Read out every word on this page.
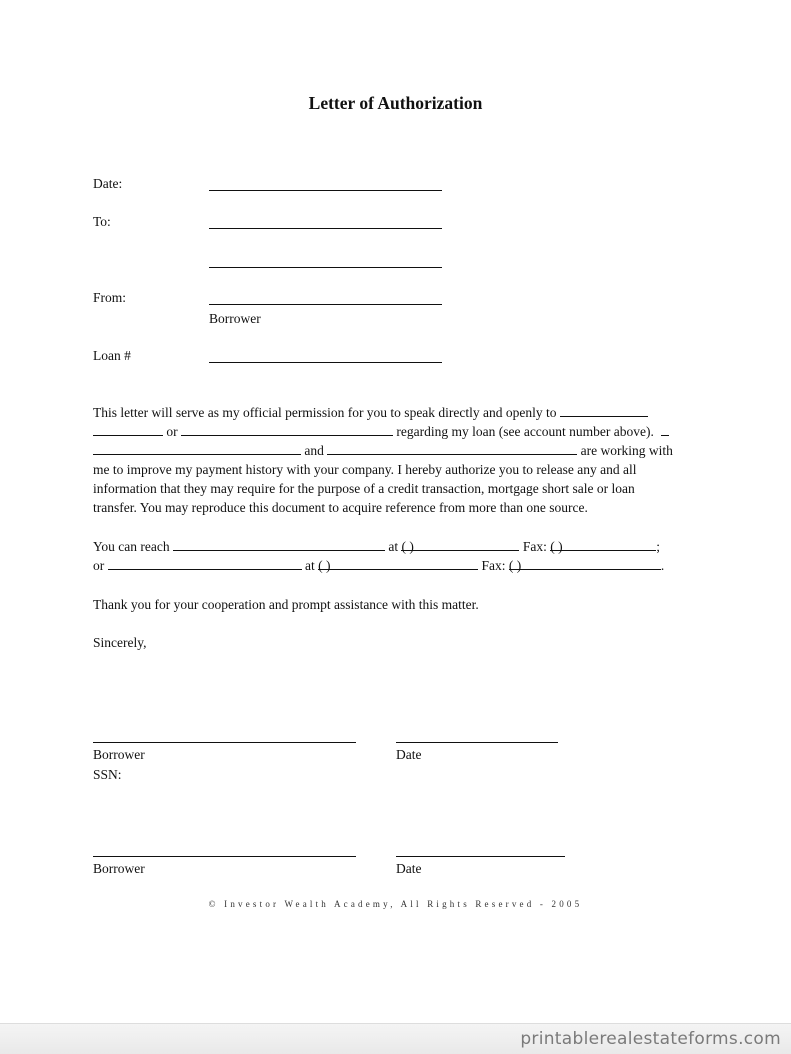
Letter of Authorization
Date:
To:
From:
Borrower
Loan #
This letter will serve as my official permission for you to speak directly and openly to
or	regarding my loan (see account number above).
and	are working with
me to improve my payment history with your company. I hereby authorize you to release any and all
information that they may require for the purpose of a credit transaction, mortgage short sale or loan
transfer. You may reproduce this document to acquire reference from more than one source.
You can reach	at ( )	Fax: ( )	;
or	at ( )	Fax: ( )	.
Thank you for your cooperation and prompt assistance with this matter.
Sincerely,
Borrower	Date
SSN:
Borrower	Date
© Investor Wealth Academy, All Rights Reserved - 2005
printablerealestateforms.com
